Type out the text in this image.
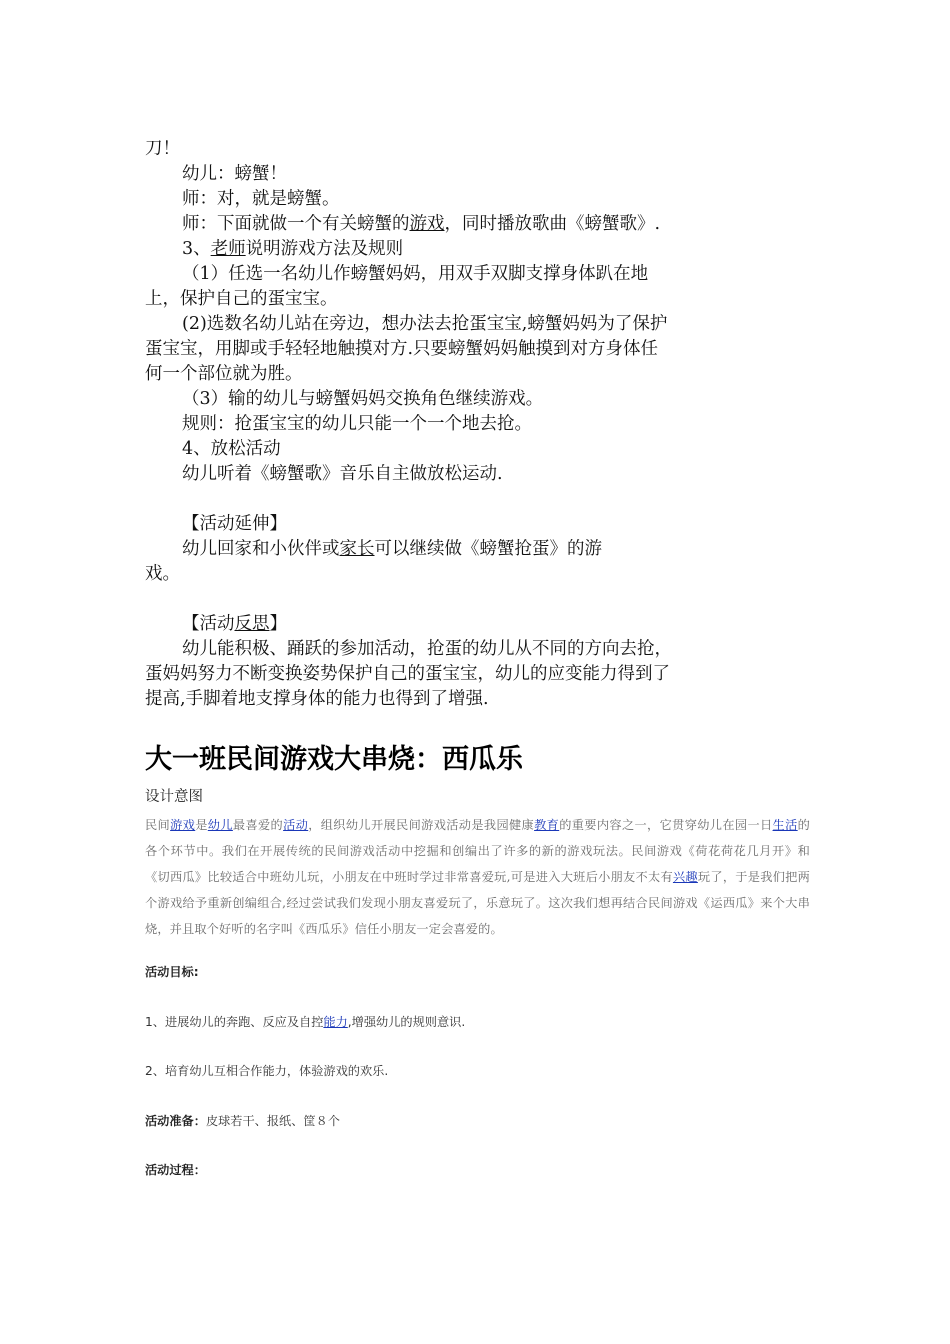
刀！

幼儿：螃蟹！

师：对，就是螃蟹。

师：下面就做一个有关螃蟹的游戏，同时播放歌曲《螃蟹歌》.

3、老师说明游戏方法及规则

（1）任选一名幼儿作螃蟹妈妈，用双手双脚支撑身体趴在地上，保护自己的蛋宝宝。

(2)选数名幼儿站在旁边，想办法去抢蛋宝宝,螃蟹妈妈为了保护蛋宝宝，用脚或手轻轻地触摸对方.只要螃蟹妈妈触摸到对方身体任何一个部位就为胜。

（3）输的幼儿与螃蟹妈妈交换角色继续游戏。

规则：抢蛋宝宝的幼儿只能一个一个地去抢。

4、放松活动

幼儿听着《螃蟹歌》音乐自主做放松运动.

【活动延伸】

幼儿回家和小伙伴或家长可以继续做《螃蟹抢蛋》的游

戏。

【活动反思】

幼儿能积极、踊跃的参加活动，抢蛋的幼儿从不同的方向去抢，蛋妈妈努力不断变换姿势保护自己的蛋宝宝，幼儿的应变能力得到了提高,手脚着地支撑身体的能力也得到了增强.

大一班民间游戏大串烧：西瓜乐

设计意图

民间游戏是幼儿最喜爱的活动，组织幼儿开展民间游戏活动是我园健康教育的重要内容之一，它贯穿幼儿在园一日生活的各个环节中。我们在开展传统的民间游戏活动中挖掘和创编出了许多的新的游戏玩法。民间游戏《荷花荷花几月开》和《切西瓜》比较适合中班幼儿玩，小朋友在中班时学过非常喜爱玩,可是进入大班后小朋友不太有兴趣玩了，于是我们把两个游戏给予重新创编组合,经过尝试我们发现小朋友喜爱玩了，乐意玩了。这次我们想再结合民间游戏《运西瓜》来个大串烧，并且取个好听的名字叫《西瓜乐》信任小朋友一定会喜爱的。

活动目标:
1、进展幼儿的奔跑、反应及自控能力,增强幼儿的规则意识.
2、培育幼儿互相合作能力，体验游戏的欢乐.
活动准备：皮球若干、报纸、筐８个
活动过程：
